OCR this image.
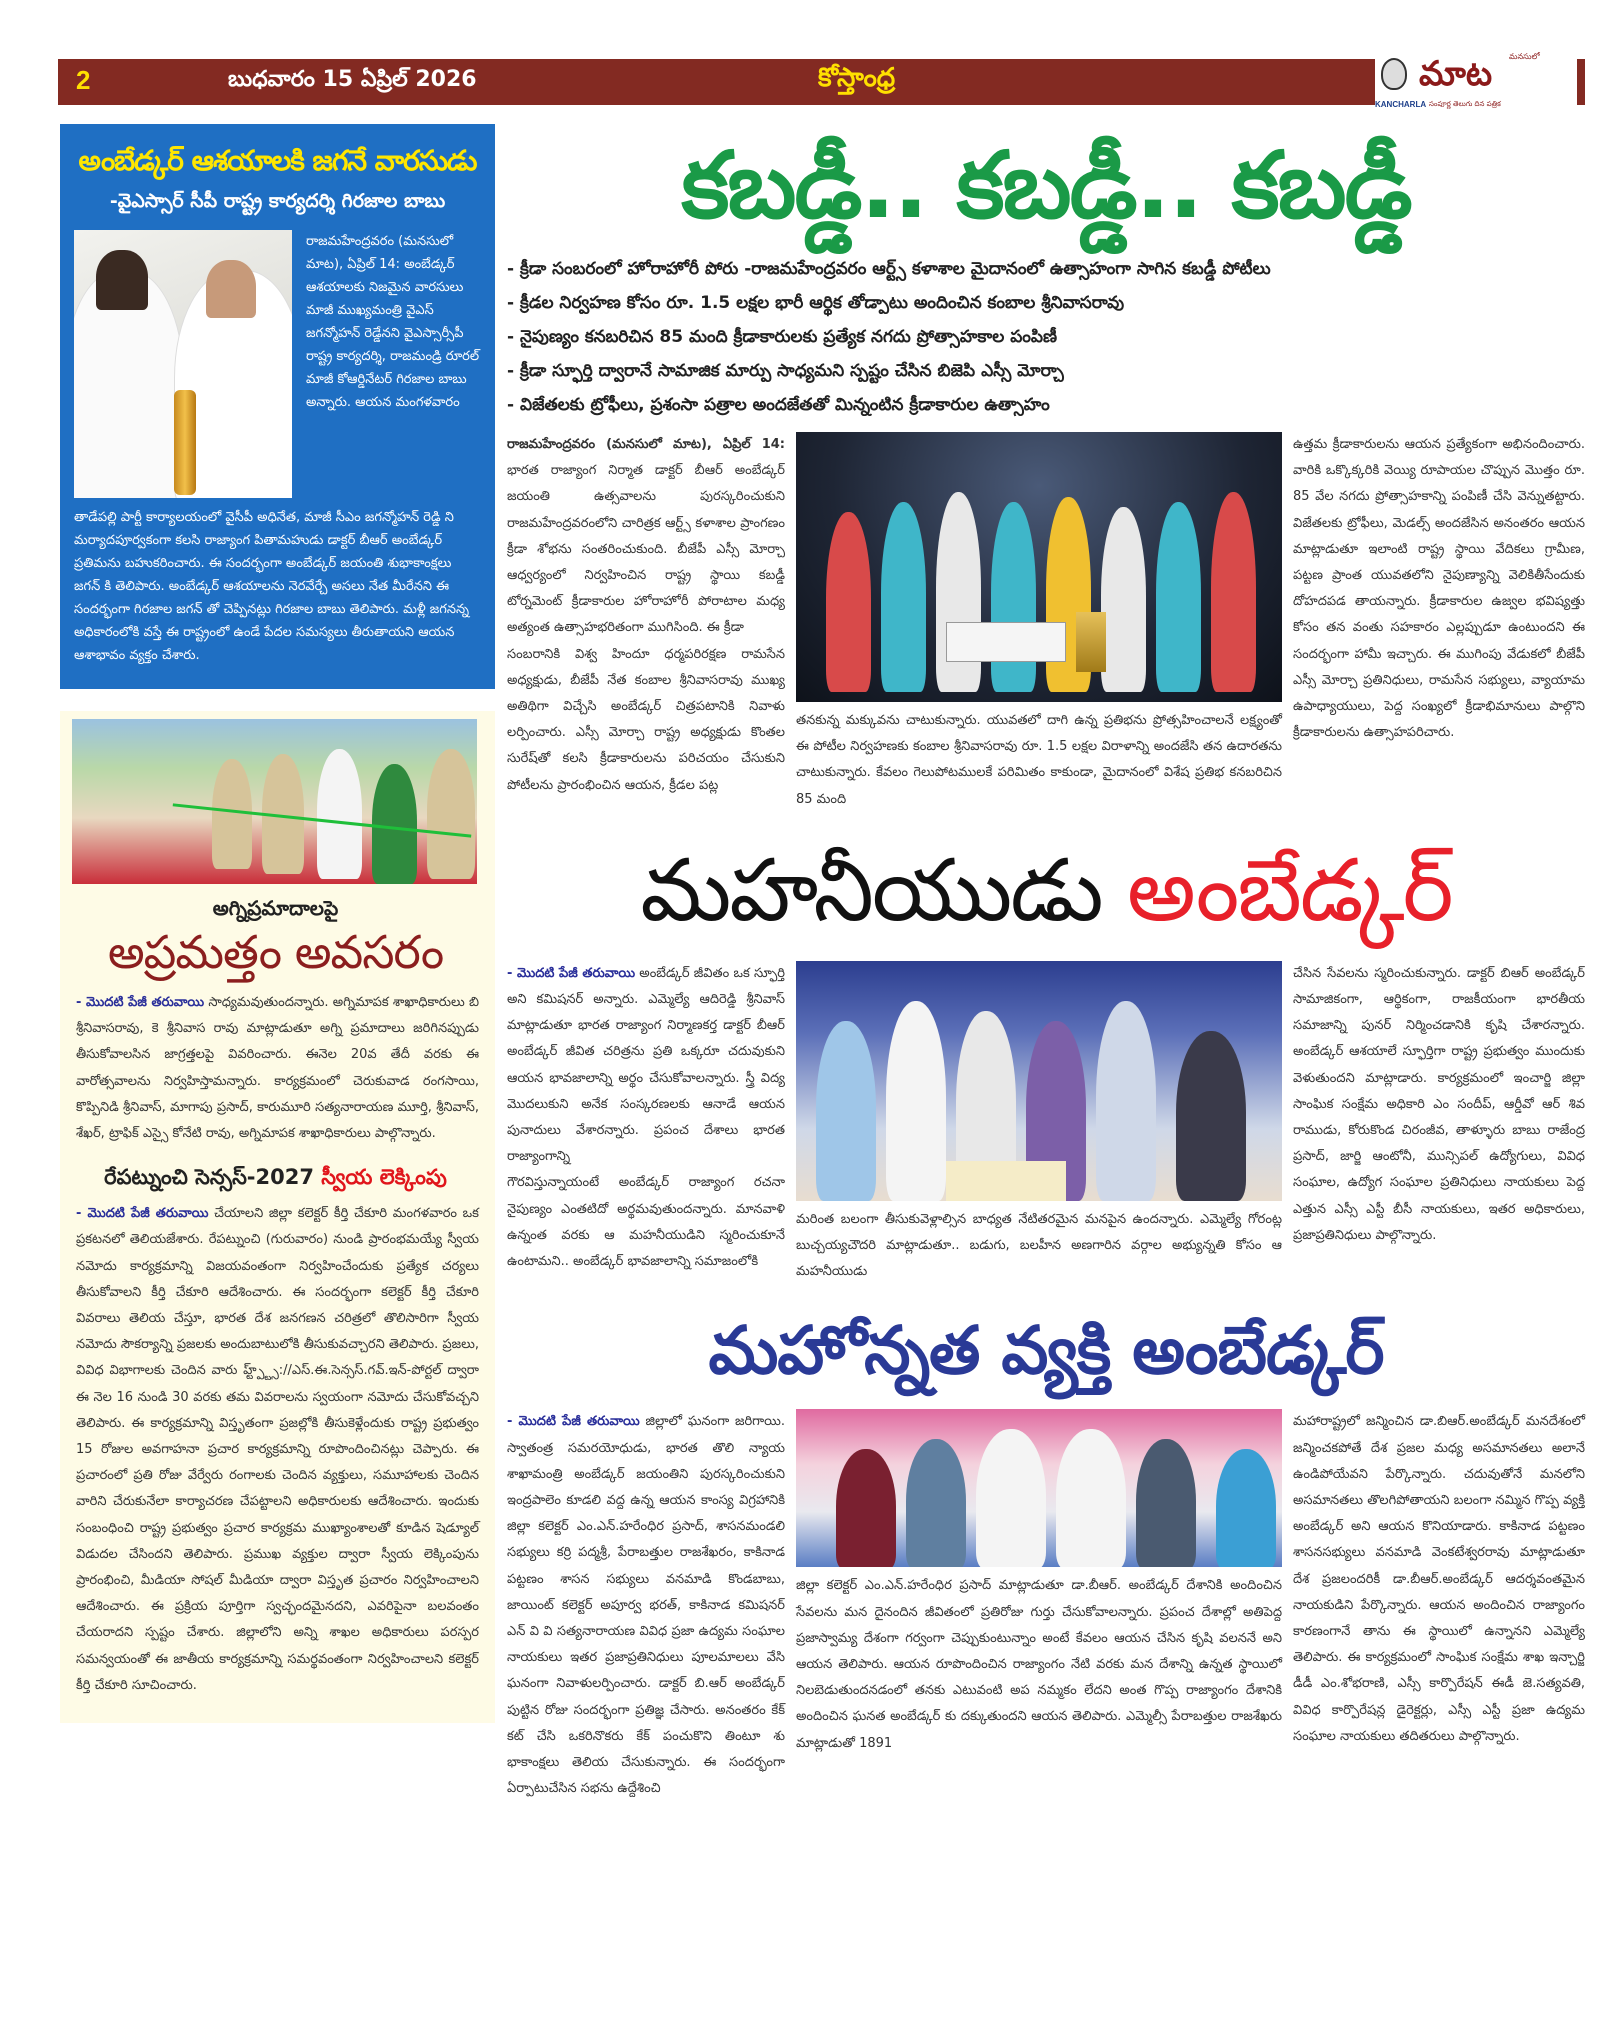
2	బుధవారం 15 ఏప్రిల్ 2026	కోస్తాంధ్ర
KANCHARLA
మనసులో
మాట
సంపూర్ణ తెలుగు దిన పత్రిక
అంబేడ్కర్ ఆశయాలకి జగనే వారసుడు
-వైఎస్సార్ సీపీ రాష్ట్ర కార్యదర్శి గిరజాల బాబు
రాజమహేంద్రవరం (మనసులో మాట), ఏప్రిల్ 14: అంబేడ్కర్ ఆశయాలకు నిజమైన వారసులు మాజీ ముఖ్యమంత్రి వైఎస్ జగన్మోహన్ రెడ్డేనని వైఎస్సార్సీపీ రాష్ట్ర కార్యదర్శి, రాజమండ్రి రూరల్ మాజీ కోఆర్డినేటర్ గిరజాల బాబు అన్నారు. ఆయన మంగళవారం
తాడేపల్లి పార్టీ కార్యాలయంలో వైసీపీ అధినేత, మాజీ సీఎం జగన్మోహన్ రెడ్డి ని మర్యాదపూర్వకంగా కలసి రాజ్యాంగ పితామహుడు డాక్టర్ బీఆర్ అంబేడ్కర్ ప్రతిమను బహుకరించారు. ఈ సందర్భంగా అంబేడ్కర్ జయంతి శుభాకాంక్షలు జగన్ కి తెలిపారు. అంబేడ్కర్ ఆశయాలను నెరవేర్చే అసలు నేత మీరేనని ఈ సందర్భంగా గిరజాల జగన్ తో చెప్పినట్లు గిరజాల బాబు తెలిపారు. మళ్లీ జగనన్న అధికారంలోకి వస్తే ఈ రాష్ట్రంలో ఉండే పేదల సమస్యలు తీరుతాయని ఆయన ఆశాభావం వ్యక్తం చేశారు.
అగ్నిప్రమాదాలపై
అప్రమత్తం అవసరం
- మొదటి పేజీ తరువాయి సాధ్యమవుతుందన్నారు. అగ్నిమాపక శాఖాధికారులు బి శ్రీనివాసరావు, కె శ్రీనివాస రావు మాట్లాడుతూ అగ్ని ప్రమాదాలు జరిగినప్పుడు తీసుకోవాలసిన జాగ్రత్తలపై వివరించారు. ఈనెల 20వ తేదీ వరకు ఈ వారోత్సవాలను నిర్వహిస్తామన్నారు. కార్యక్రమంలో చెరుకువాడ రంగసాయి, కొప్పినిడి శ్రీనివాస్, మాగాపు ప్రసాద్, కారుమూరి సత్యనారాయణ మూర్తి, శ్రీనివాస్, శేఖర్, ట్రాఫిక్ ఎస్సై కోనేటి రావు, అగ్నిమాపక శాఖాధికారులు పాల్గొన్నారు.
రేపట్నుంచి సెన్సస్-2027 స్వీయ లెక్కింపు
- మొదటి పేజీ తరువాయి చేయాలని జిల్లా కలెక్టర్ కీర్తి చేకూరి మంగళవారం ఒక ప్రకటనలో తెలియజేశారు. రేపట్నుంచి (గురువారం) నుండి ప్రారంభమయ్యే స్వీయ నమోదు కార్యక్రమాన్ని విజయవంతంగా నిర్వహించేందుకు ప్రత్యేక చర్యలు తీసుకోవాలని కీర్తి చేకూరి ఆదేశించారు. ఈ సందర్భంగా కలెక్టర్ కీర్తి చేకూరి వివరాలు తెలియ చేస్తూ, భారత దేశ జనగణన చరిత్రలో తొలిసారిగా స్వీయ నమోదు సౌకర్యాన్ని ప్రజలకు అందుబాటులోకి తీసుకువచ్చారని తెలిపారు. ప్రజలు, వివిధ విభాగాలకు చెందిన వారు హ్ట్ప్ట్స్://ఎస్.ఈ.సెన్సస్.గవ్.ఇన్-పోర్టల్ ద్వారా ఈ నెల 16 నుండి 30 వరకు తమ వివరాలను స్వయంగా నమోదు చేసుకోవచ్చని తెలిపారు. ఈ కార్యక్రమాన్ని విస్తృతంగా ప్రజల్లోకి తీసుకెళ్లేందుకు రాష్ట్ర ప్రభుత్వం 15 రోజుల అవగాహనా ప్రచార కార్యక్రమాన్ని రూపొందించినట్లు చెప్పారు. ఈ ప్రచారంలో ప్రతి రోజు వేర్వేరు రంగాలకు చెందిన వ్యక్తులు, సమూహాలకు చెందిన వారిని చేరుకునేలా కార్యాచరణ చేపట్టాలని అధికారులకు ఆదేశించారు. ఇందుకు సంబంధించి రాష్ట్ర ప్రభుత్వం ప్రచార కార్యక్రమ ముఖ్యాంశాలతో కూడిన షెడ్యూల్ విడుదల చేసిందని తెలిపారు. ప్రముఖ వ్యక్తుల ద్వారా స్వీయ లెక్కింపును ప్రారంభించి, మీడియా సోషల్ మీడియా ద్వారా విస్తృత ప్రచారం నిర్వహించాలని ఆదేశించారు. ఈ ప్రక్రియ పూర్తిగా స్వచ్ఛందమైనదని, ఎవరిపైనా బలవంతం చేయరాదని స్పష్టం చేశారు. జిల్లాలోని అన్ని శాఖల అధికారులు పరస్పర సమన్వయంతో ఈ జాతీయ కార్యక్రమాన్ని సమర్థవంతంగా నిర్వహించాలని కలెక్టర్ కీర్తి చేకూరి సూచించారు.
కబడ్డీ.. కబడ్డీ.. కబడ్డీ
- క్రీడా సంబరంలో హోరాహోరీ పోరు -రాజమహేంద్రవరం ఆర్ట్స్ కళాశాల మైదానంలో ఉత్సాహంగా సాగిన కబడ్డీ పోటీలు
- క్రీడల నిర్వహణ కోసం రూ. 1.5 లక్షల భారీ ఆర్థిక తోడ్పాటు అందించిన కంబాల శ్రీనివాసరావు
- నైపుణ్యం కనబరిచిన 85 మంది క్రీడాకారులకు ప్రత్యేక నగదు ప్రోత్సాహకాల పంపిణీ
- క్రీడా స్ఫూర్తి ద్వారానే సామాజిక మార్పు సాధ్యమని స్పష్టం చేసిన బిజెపి ఎస్సీ మోర్చా
- విజేతలకు ట్రోఫీలు, ప్రశంసా పత్రాల అందజేతతో మిన్నంటిన క్రీడాకారుల ఉత్సాహం

రాజమహేంద్రవరం (మనసులో మాట), ఏప్రిల్ 14: భారత రాజ్యాంగ నిర్మాత డాక్టర్ బీఆర్ అంబేడ్కర్ జయంతి ఉత్సవాలను పురస్కరించుకుని రాజమహేంద్రవరంలోని చారిత్రక ఆర్ట్స్ కళాశాల ప్రాంగణం క్రీడా శోభను సంతరించుకుంది. బీజేపీ ఎస్సీ మోర్చా ఆధ్వర్యంలో నిర్వహించిన రాష్ట్ర స్థాయి కబడ్డీ టోర్నమెంట్ క్రీడాకారుల హోరాహోరీ పోరాటాల మధ్య అత్యంత ఉత్సాహభరితంగా ముగిసింది. ఈ క్రీడా

సంబరానికి విశ్వ హిందూ ధర్మపరిరక్షణ రామసేన అధ్యక్షుడు, బీజేపీ నేత కంబాల శ్రీనివాసరావు ముఖ్య అతిథిగా విచ్చేసి అంబేడ్కర్ చిత్రపటానికి నివాళు లర్పించారు. ఎస్సీ మోర్చా రాష్ట్ర అధ్యక్షుడు కొంతల సురేష్‌తో కలసి క్రీడాకారులను పరిచయం చేసుకుని పోటీలను ప్రారంభించిన ఆయన, క్రీడల పట్ల

తనకున్న మక్కువను చాటుకున్నారు. యువతలో దాగి ఉన్న ప్రతిభను ప్రోత్సహించాలనే లక్ష్యంతో ఈ పోటీల నిర్వహణకు కంబాల శ్రీనివాసరావు రూ. 1.5 లక్షల విరాళాన్ని అందజేసి తన ఉదారతను చాటుకున్నారు. కేవలం గెలుపోటములకే పరిమితం కాకుండా, మైదానంలో విశేష ప్రతిభ కనబరిచిన 85 మంది

ఉత్తమ క్రీడాకారులను ఆయన ప్రత్యేకంగా అభినందించారు. వారికి ఒక్కొక్కరికి వెయ్యి రూపాయల చొప్పున మొత్తం రూ. 85 వేల నగదు ప్రోత్సాహకాన్ని పంపిణీ చేసి వెన్నుతట్టారు. విజేతలకు ట్రోఫీలు, మెడల్స్ అందజేసిన అనంతరం ఆయన మాట్లాడుతూ ఇలాంటి రాష్ట్ర స్థాయి వేదికలు గ్రామీణ, పట్టణ ప్రాంత యువతలోని నైపుణ్యాన్ని వెలికితీసేందుకు దోహదపడ తాయన్నారు. క్రీడాకారుల ఉజ్వల భవిష్యత్తు కోసం తన వంతు సహకారం ఎల్లప్పుడూ ఉంటుందని ఈ సందర్భంగా హామీ ఇచ్చారు. ఈ ముగింపు వేడుకలో బీజేపీ ఎస్సీ మోర్చా ప్రతినిధులు, రామసేన సభ్యులు, వ్యాయామ ఉపాధ్యాయులు, పెద్ద సంఖ్యలో క్రీడాభిమానులు పాల్గొని క్రీడాకారులను ఉత్సాహపరిచారు.

మహనీయుడు అంబేడ్కర్

- మొదటి పేజీ తరువాయి అంబేడ్కర్ జీవితం ఒక స్ఫూర్తి అని కమిషనర్ అన్నారు. ఎమ్మెల్యే ఆదిరెడ్డి శ్రీనివాస్ మాట్లాడుతూ భారత రాజ్యాంగ నిర్మాణకర్త డాక్టర్ బీఆర్ అంబేడ్కర్ జీవిత చరిత్రను ప్రతి ఒక్కరూ చదువుకుని ఆయన భావజాలాన్ని అర్థం చేసుకోవాలన్నారు. స్త్రీ విద్య మొదలుకుని అనేక సంస్కరణలకు ఆనాడే ఆయన పునాదులు వేశారన్నారు. ప్రపంచ దేశాలు భారత రాజ్యాంగాన్ని

గౌరవిస్తున్నాయంటే అంబేడ్కర్ రాజ్యాంగ రచనా నైపుణ్యం ఎంతటిదో అర్థమవుతుందన్నారు. మానవాళి ఉన్నంత వరకు ఆ మహనీయుడిని స్మరించుకూనే ఉంటామని.. అంబేడ్కర్ భావజాలాన్ని సమాజంలోకి

మరింత బలంగా తీసుకువెళ్లాల్సిన బాధ్యత నేటితరమైన మనపైన ఉందన్నారు. ఎమ్మెల్యే గోరంట్ల బుచ్చయ్యచౌదరి మాట్లాడుతూ.. బడుగు, బలహీన అణగారిన వర్గాల అభ్యున్నతి కోసం ఆ మహనీయుడు

చేసిన సేవలను స్మరించుకున్నారు. డాక్టర్ బిఆర్ అంబేడ్కర్ సామాజికంగా, ఆర్థికంగా, రాజకీయంగా భారతీయ సమాజాన్ని పునర్ నిర్మించడానికి కృషి చేశారన్నారు. అంబేడ్కర్ ఆశయాలే స్ఫూర్తిగా రాష్ట్ర ప్రభుత్వం ముందుకు వెళుతుందని మాట్లాడారు. కార్యక్రమంలో ఇంచార్జి జిల్లా సాంఘిక సంక్షేమ అధికారి ఎం సందీప్, ఆర్డీవో ఆర్ శివ రాముడు, కోరుకొండ చిరంజీవ, తాళ్ళూరు బాబు రాజేంద్ర ప్రసాద్, జార్జి ఆంటోనీ, మున్సిపల్ ఉద్యోగులు, వివిధ సంఘాల, ఉద్యోగ సంఘాల ప్రతినిధులు నాయకులు పెద్ద ఎత్తున ఎస్సీ ఎస్టీ బీసీ నాయకులు, ఇతర అధికారులు, ప్రజాప్రతినిధులు పాల్గొన్నారు.

మహోన్నత వ్యక్తి అంబేడ్కర్

- మొదటి పేజీ తరువాయి జిల్లాలో ఘనంగా జరిగాయి. స్వాతంత్ర సమరయోధుడు, భారత తొలి న్యాయ శాఖామంత్రి అంబేడ్కర్ జయంతిని పురస్కరించుకుని ఇంద్రపాలెం కూడలి వద్ద ఉన్న ఆయన కాంస్య విగ్రహానికి జిల్లా కలెక్టర్ ఎం.ఎన్.హరేంధిర ప్రసాద్, శాసనమండలి సభ్యులు కర్రి పద్మశ్రీ, పేరాబత్తుల రాజశేఖరం, కాకినాడ పట్టణం శాసన సభ్యులు వనమాడి కొండబాబు, జాయింట్ కలెక్టర్ అపూర్వ భరత్, కాకినాడ కమిషనర్ ఎన్ వి వి సత్యనారాయణ వివిధ ప్రజా ఉద్యమ సంఘాల నాయకులు ఇతర ప్రజాప్రతినిధులు పూలమాలలు వేసి ఘనంగా నివాళులర్పించారు. డాక్టర్ బి.ఆర్ అంబేడ్కర్ పుట్టిన రోజు సందర్భంగా ప్రతిజ్ఞ చేసారు. అనంతరం కేక్ కట్ చేసి ఒకరినొకరు కేక్ పంచుకొని తింటూ శు భాకాంక్షలు తెలియ చేసుకున్నారు. ఈ సందర్భంగా ఏర్పాటుచేసిన సభను ఉద్దేశించి

జిల్లా కలెక్టర్ ఎం.ఎన్.హరేంధిర ప్రసాద్ మాట్లాడుతూ డా.బీఆర్. అంబేడ్కర్ దేశానికి అందించిన సేవలను మన దైనందిన జీవితంలో ప్రతిరోజు గుర్తు చేసుకోవాలన్నారు. ప్రపంచ దేశాల్లో అతిపెద్ద ప్రజాస్వామ్య దేశంగా గర్వంగా చెప్పుకుంటున్నాం అంటే కేవలం ఆయన చేసిన కృషి వలననే అని ఆయన తెలిపారు. ఆయన రూపొందించిన రాజ్యాంగం నేటి వరకు మన దేశాన్ని ఉన్నత స్థాయిలో నిలబెడుతుందనడంలో తనకు ఎటువంటి అప నమ్మకం లేదని అంత గొప్ప రాజ్యాంగం దేశానికి అందించిన ఘనత అంబేడ్కర్ కు దక్కుతుందని ఆయన తెలిపారు. ఎమ్మెల్సీ పేరాబత్తుల రాజశేఖరు మాట్లాడుతో 1891

మహారాష్ట్రలో జన్మించిన డా.బిఆర్.అంబేడ్కర్ మనదేశంలో జన్మించకపోతే దేశ ప్రజల మధ్య అసమానతలు అలానే ఉండిపోయేవని పేర్కొన్నారు. చదువుతోనే మనలోని అసమానతలు తొలగిపోతాయని బలంగా నమ్మిన గొప్ప వ్యక్తి అంబేడ్కర్ అని ఆయన కొనియాడారు. కాకినాడ పట్టణం శాసనసభ్యులు వనమాడి వెంకటేశ్వరరావు మాట్లాడుతూ దేశ ప్రజలందరికీ డా.బీఆర్.అంబేడ్కర్ ఆదర్శవంతమైన నాయకుడిని పేర్కొన్నారు. ఆయన అందించిన రాజ్యాంగం కారణంగానే తాను ఈ స్థాయిలో ఉన్నానని ఎమ్మెల్యే తెలిపారు. ఈ కార్యక్రమంలో సాంఘిక సంక్షేమ శాఖ ఇన్చార్జి డీడీ ఎం.శోభరాణి, ఎస్సీ కార్పొరేషన్ ఈడీ జె.సత్యవతి, వివిధ కార్పొరేషన్ల డైరెక్టర్లు, ఎస్సీ ఎస్టీ ప్రజా ఉద్యమ సంఘాల నాయకులు తదితరులు పాల్గొన్నారు.
